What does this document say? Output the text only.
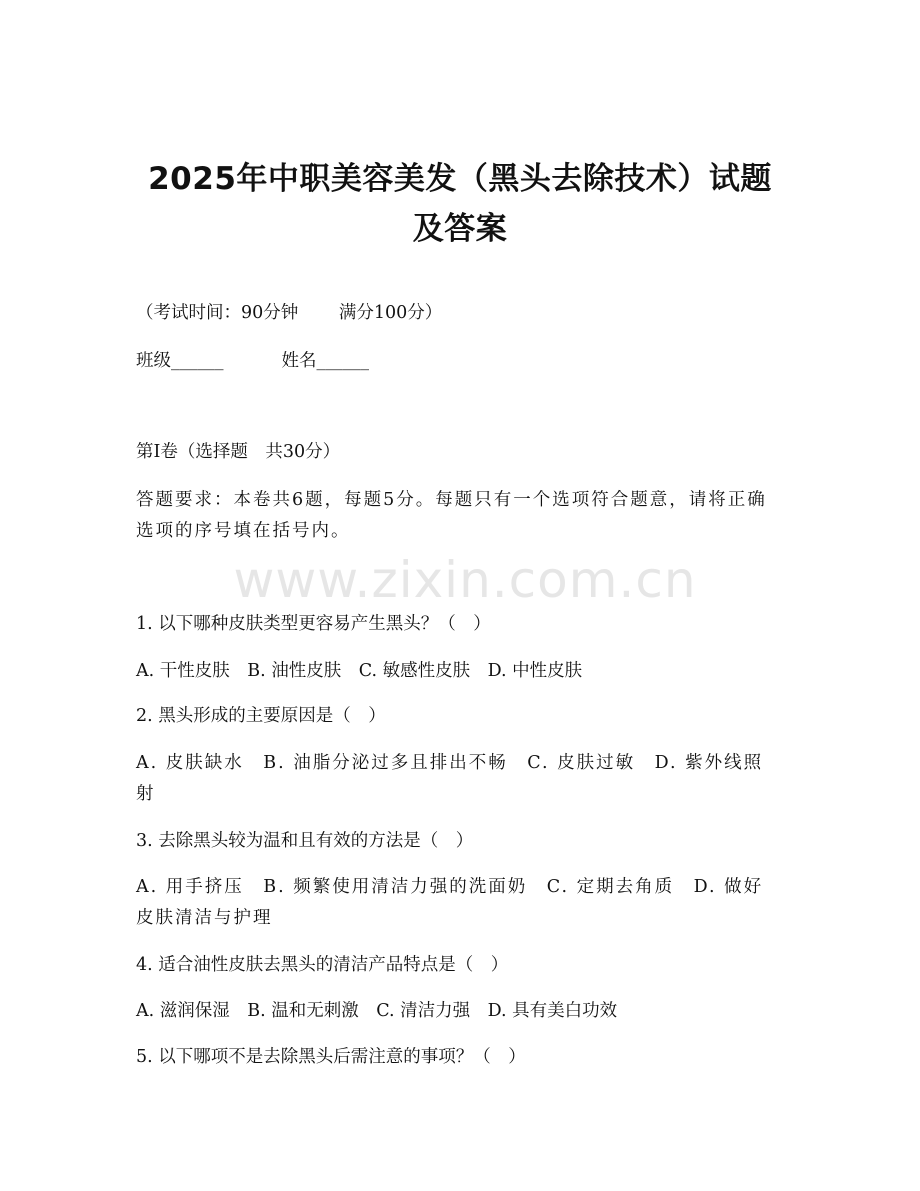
2025年中职美容美发（黑头去除技术）试题
及答案
（考试时间：90分钟　　 满分100分）
班级______　　　 姓名______
第Ⅰ卷（选择题　共30分）
答题要求：本卷共6题，每题5分。每题只有一个选项符合题意，请将正确选项的序号填在括号内。
www.zixin.com.cn
1. 以下哪种皮肤类型更容易产生黑头？（　）
A. 干性皮肤　B. 油性皮肤　C. 敏感性皮肤　D. 中性皮肤
2. 黑头形成的主要原因是（　）
A. 皮肤缺水　B. 油脂分泌过多且排出不畅　C. 皮肤过敏　D. 紫外线照射
3. 去除黑头较为温和且有效的方法是（　）
A. 用手挤压　B. 频繁使用清洁力强的洗面奶　C. 定期去角质　D. 做好皮肤清洁与护理
4. 适合油性皮肤去黑头的清洁产品特点是（　）
A. 滋润保湿　B. 温和无刺激　C. 清洁力强　D. 具有美白功效
5. 以下哪项不是去除黑头后需注意的事项？（　）
